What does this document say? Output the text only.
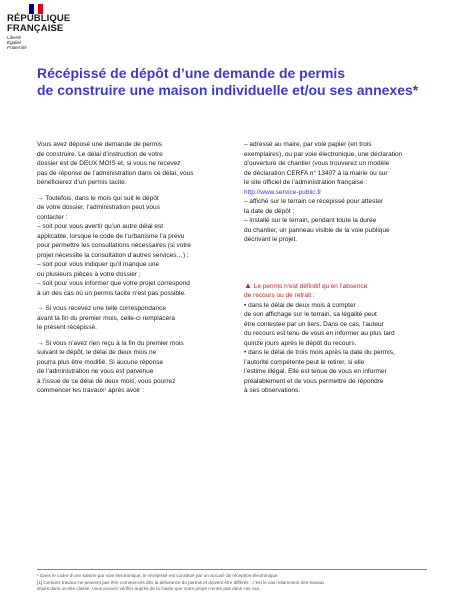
RÉPUBLIQUE
FRANÇAISE
Liberté
Égalité
Fraternité
Récépissé de dépôt d’une demande de permis
de construire une maison individuelle et/ou ses annexes*

Vous avez déposé une demande de permis
de construire. Le délai d’instruction de votre
dossier est de DEUX MOIS et, si vous ne recevez
pas de réponse de l’administration dans ce délai, vous
bénéficierez d’un permis tacite.

→ Toutefois, dans le mois qui suit le dépôt
de votre dossier, l’administration peut vous
contacter :
– soit pour vous avertir qu’un autre délai est
applicable, lorsque le code de l’urbanisme l’a prévu
pour permettre les consultations nécessaires (si votre
projet nécessite la consultation d’autres services…) ;
– soit pour vous indiquer qu’il manque une
ou plusieurs pièces à votre dossier ;
– soit pour vous informer que votre projet correspond
à un des cas où un permis tacite n’est pas possible.

→ Si vous recevez une telle correspondance
avant la fin du premier mois, celle-ci remplacera
le présent récépissé.

→ Si vous n’avez rien reçu à la fin du premier mois
suivant le dépôt, le délai de deux mois ne
pourra plus être modifié. Si aucune réponse
de l’administration ne vous est parvenue
à l’issue de ce délai de deux mois, vous pourrez
commencer les travaux¹ après avoir :

– adressé au maire, par voie papier (en trois
exemplaires), ou par voie électronique, une déclaration
d’ouverture de chantier (vous trouverez un modèle
de déclaration CERFA n° 13407 à la mairie ou sur
le site officiel de l’administration française :
http://www.service-public.fr
– affiché sur le terrain ce récépissé pour attester
la date de dépôt ;
– installé sur le terrain, pendant toute la durée
du chantier, un panneau visible de la voie publique
décrivant le projet.

▲ Le permis n’est définitif qu’en l’absence
de recours ou de retrait :
• dans le délai de deux mois à compter
de son affichage sur le terrain, sa légalité peut
être contestée par un tiers. Dans ce cas, l’auteur
du recours est tenu de vous en informer au plus tard
quinze jours après le dépôt du recours.
• dans le délai de trois mois après la date du permis,
l’autorité compétente peut le retirer, si elle
l’estime illégal. Elle est tenue de vous en informer
préalablement et de vous permettre de répondre
à ses observations.

* Dans le cadre d’une saisine par voie électronique, le récépissé est constitué par un accusé de réception électronique.
[1] Certains travaux ne peuvent pas être commencés dès la délivrance du permis et doivent être différés : c’est le cas notamment des travaux
situés dans un site classé. Vous pouvez vérifier auprès de la mairie que votre projet n’entre pas dans ces cas.
